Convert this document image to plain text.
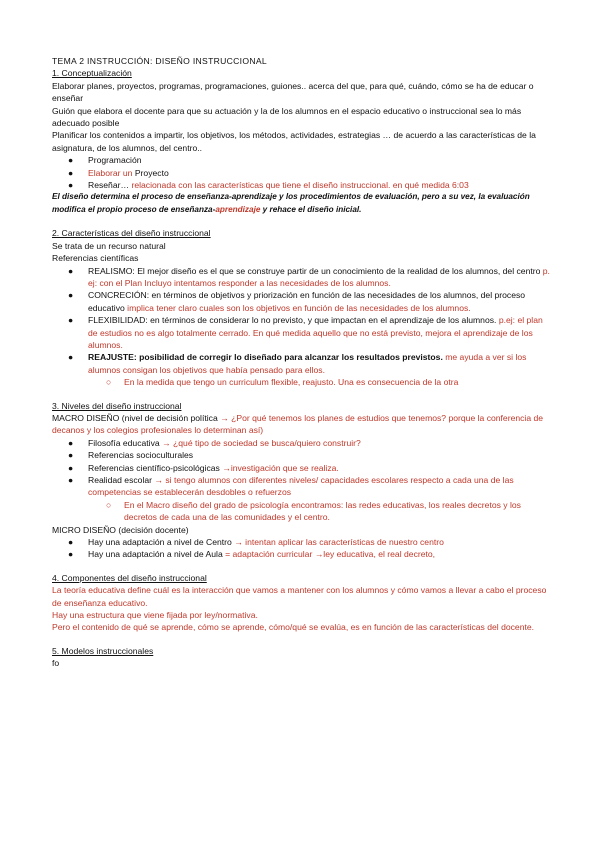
TEMA 2 INSTRUCCIÓN: DISEÑO INSTRUCCIONAL

1. Conceptualización

Elaborar planes, proyectos, programas, programaciones, guiones.. acerca del que, para qué, cuándo, cómo se ha de educar o enseñar

Guión que elabora el docente para que su actuación y la de los alumnos en el espacio educativo o instruccional sea lo más adecuado posible

Planificar los contenidos a impartir, los objetivos, los métodos, actividades, estrategias … de acuerdo a las características de la asignatura, de los alumnos, del centro..

● Programación
● Elaborar un Proyecto
● Reseñar… relacionada con las características que tiene el diseño instruccional. en qué medida 6:03

El diseño determina el proceso de enseñanza-aprendizaje y los procedimientos de evaluación, pero a su vez, la evaluación modifica el propio proceso de enseñanza-aprendizaje y rehace el diseño inicial.

2. Características del diseño instruccional

Se trata de un recurso natural

Referencias científicas

● REALISMO: El mejor diseño es el que se construye partir de un conocimiento de la realidad de los alumnos, del centro p. ej: con el Plan Incluyo intentamos responder a las necesidades de los alumnos.
● CONCRECIÓN: en términos de objetivos y priorización en función de las necesidades de los alumnos, del proceso educativo implica tener claro cuales son los objetivos en función de las necesidades de los alumnos.
● FLEXIBILIDAD: en términos de considerar lo no previsto, y que impactan en el aprendizaje de los alumnos. p.ej: el plan de estudios no es algo totalmente cerrado. En qué medida aquello que no está previsto, mejora el aprendizaje de los alumnos.
● REAJUSTE: posibilidad de corregir lo diseñado para alcanzar los resultados previstos. me ayuda a ver si los alumnos consigan los objetivos que había pensado para ellos.
○ En la medida que tengo un curriculum flexible, reajusto. Una es consecuencia de la otra

3. Niveles del diseño instruccional

MACRO DISEÑO (nivel de decisión política → ¿Por qué tenemos los planes de estudios que tenemos? porque la conferencia de decanos y los colegios profesionales lo determinan así)

● Filosofía educativa → ¿qué tipo de sociedad se busca/quiero construir?
● Referencias socioculturales
● Referencias científico-psicológicas →investigación que se realiza.
● Realidad escolar → si tengo alumnos con diferentes niveles/ capacidades escolares respecto a cada una de las competencias se establecerán desdobles o refuerzos
○ En el Macro diseño del grado de psicología encontramos: las redes educativas, los reales decretos y los decretos de cada una de las comunidades y el centro.

MICRO DISEÑO (decisión docente)

● Hay una adaptación a nivel de Centro → intentan aplicar las características de nuestro centro
● Hay una adaptación a nivel de Aula = adaptación curricular →ley educativa, el real decreto,

4. Componentes del diseño instruccional

La teoría educativa define cuál es la interacción que vamos a mantener con los alumnos y cómo vamos a llevar a cabo el proceso de enseñanza educativo.

Hay una estructura que viene fijada por ley/normativa.

Pero el contenido de qué se aprende, cómo se aprende, cómo/qué se evalúa, es en función de las características del docente.

5. Modelos instruccionales

fo
